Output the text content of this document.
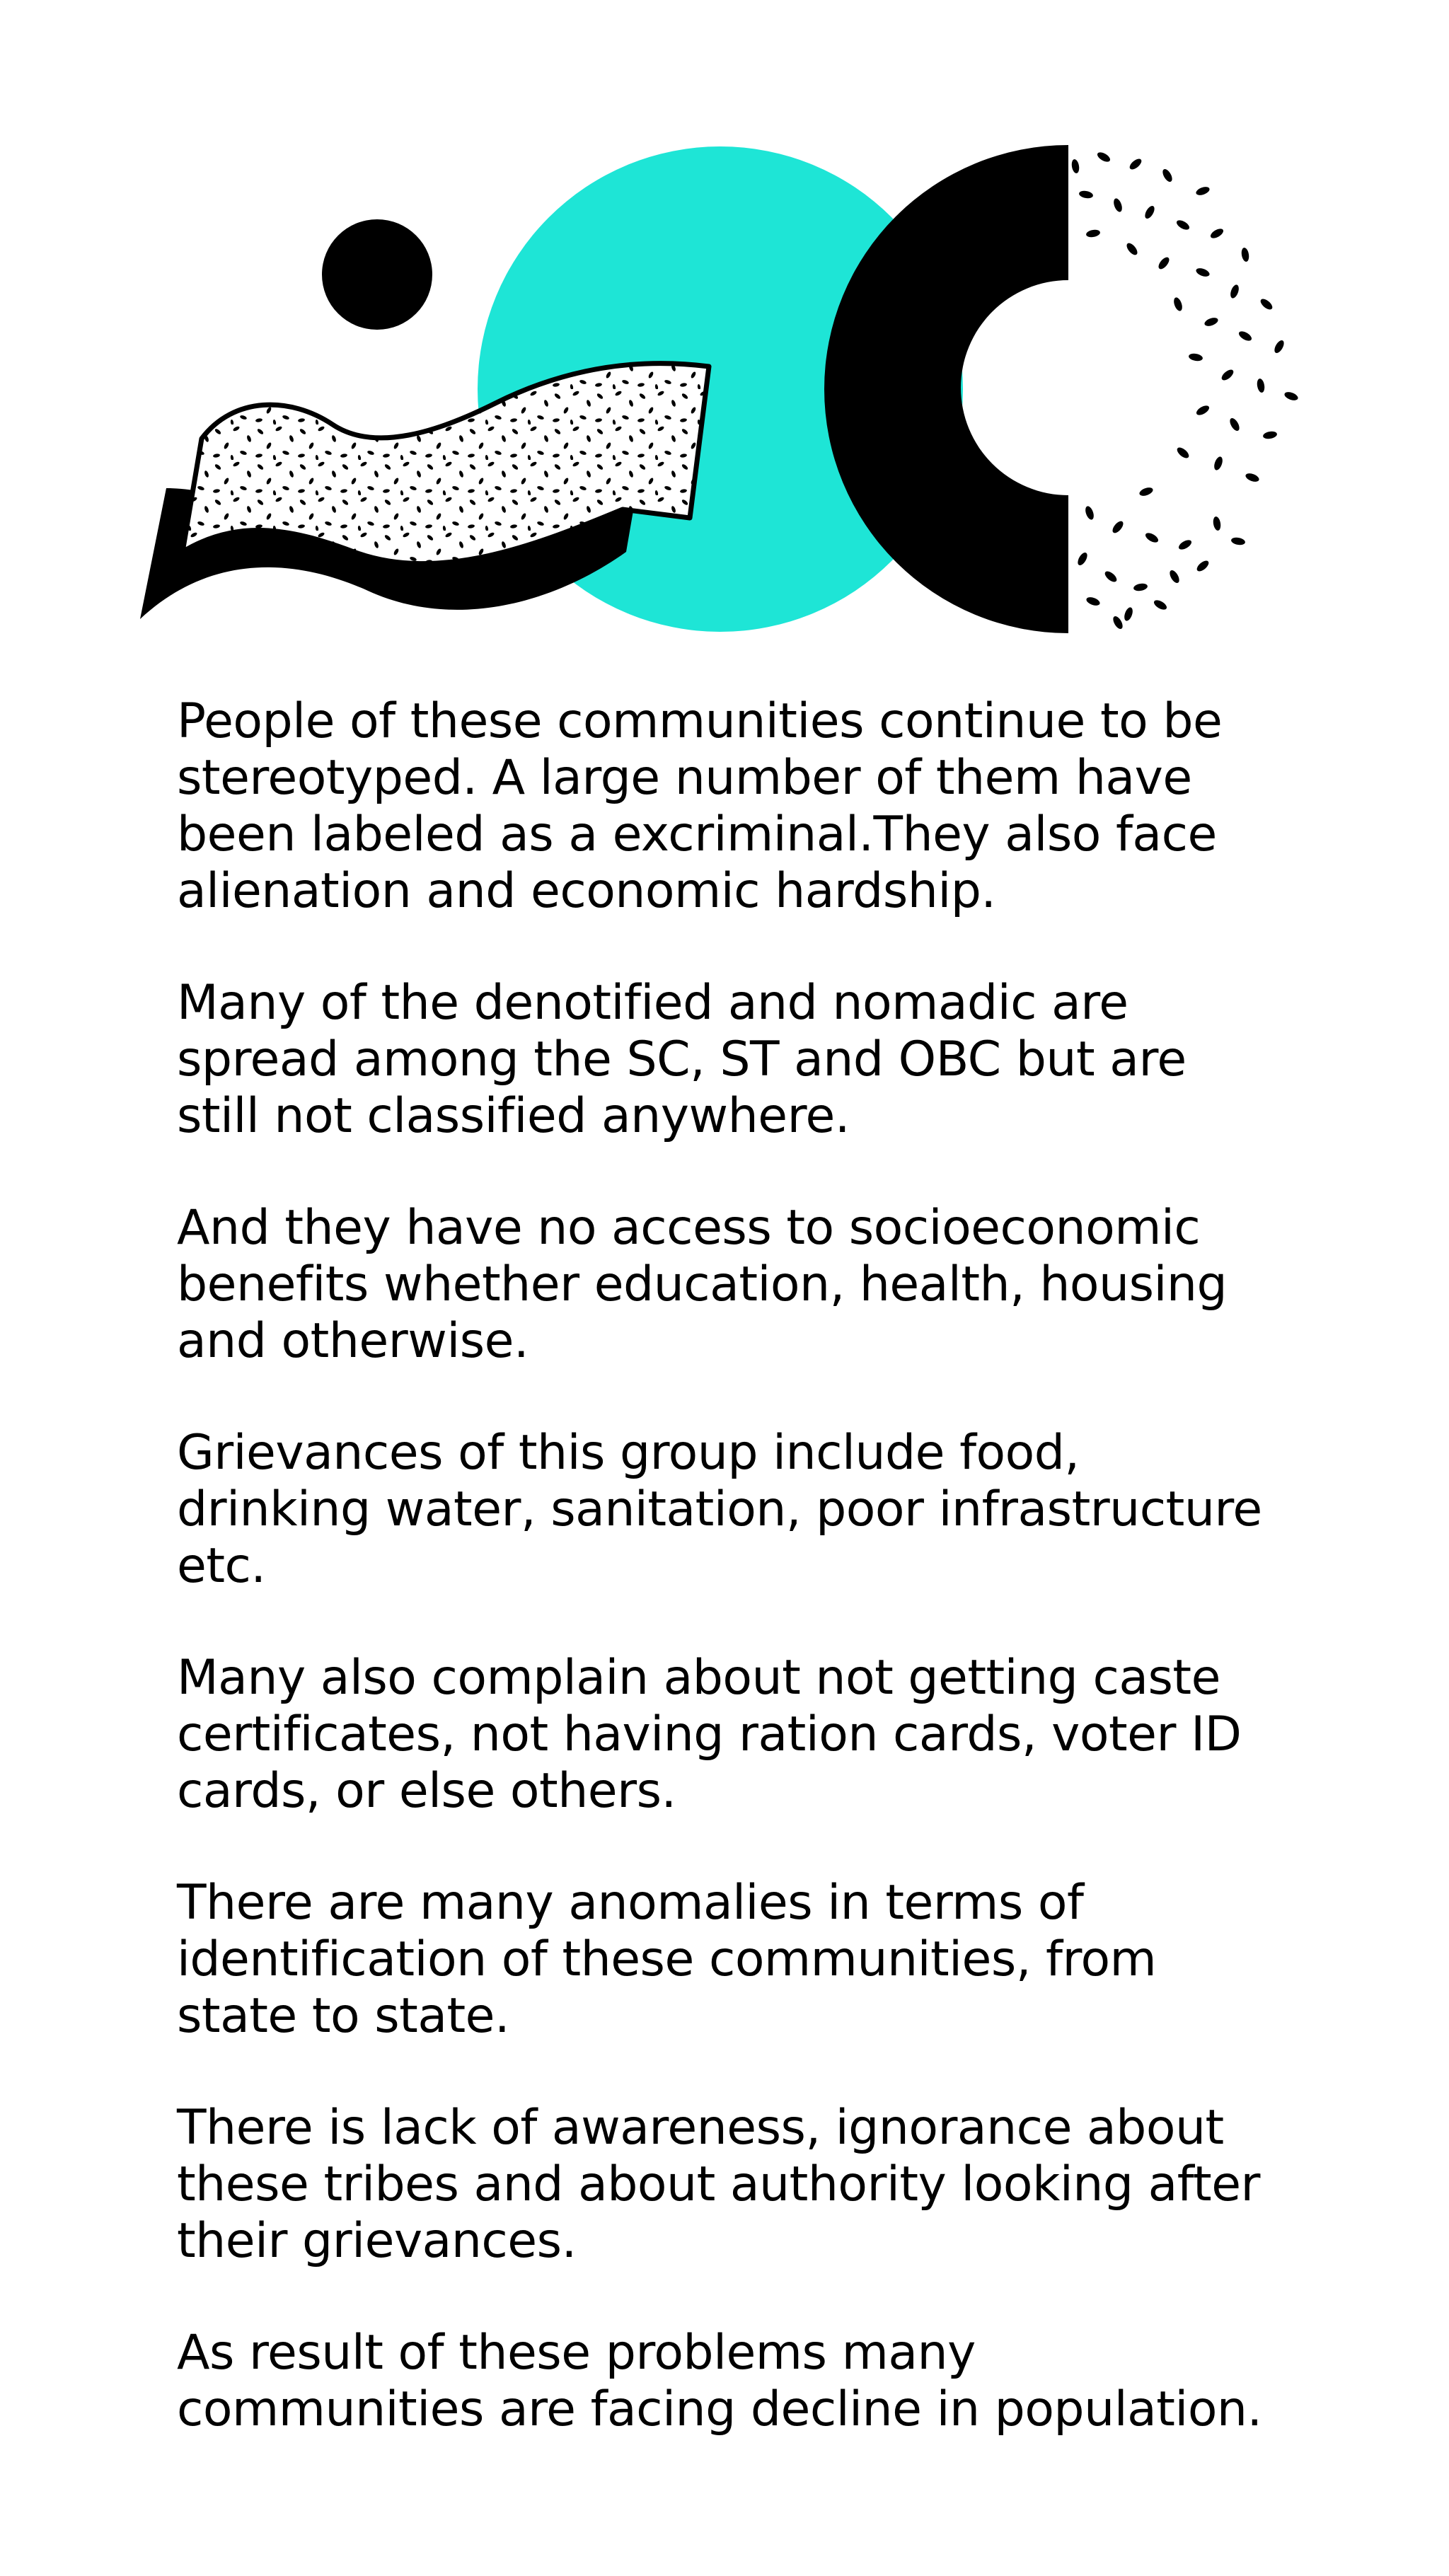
People of these communities continue to be
stereotyped. A large number of them have
been labeled as a excriminal.They also face
alienation and economic hardship.

Many of the denotified and nomadic are
spread among the SC, ST and OBC but are
still not classified anywhere.

And they have no access to socioeconomic
benefits whether education, health, housing
and otherwise.

Grievances of this group include food,
drinking water, sanitation, poor infrastructure
etc.

Many also complain about not getting caste
certificates, not having ration cards, voter ID
cards, or else others.

There are many anomalies in terms of
identification of these communities, from
state to state.

There is lack of awareness, ignorance about
these tribes and about authority looking after
their grievances.

As result of these problems many
communities are facing decline in population.
